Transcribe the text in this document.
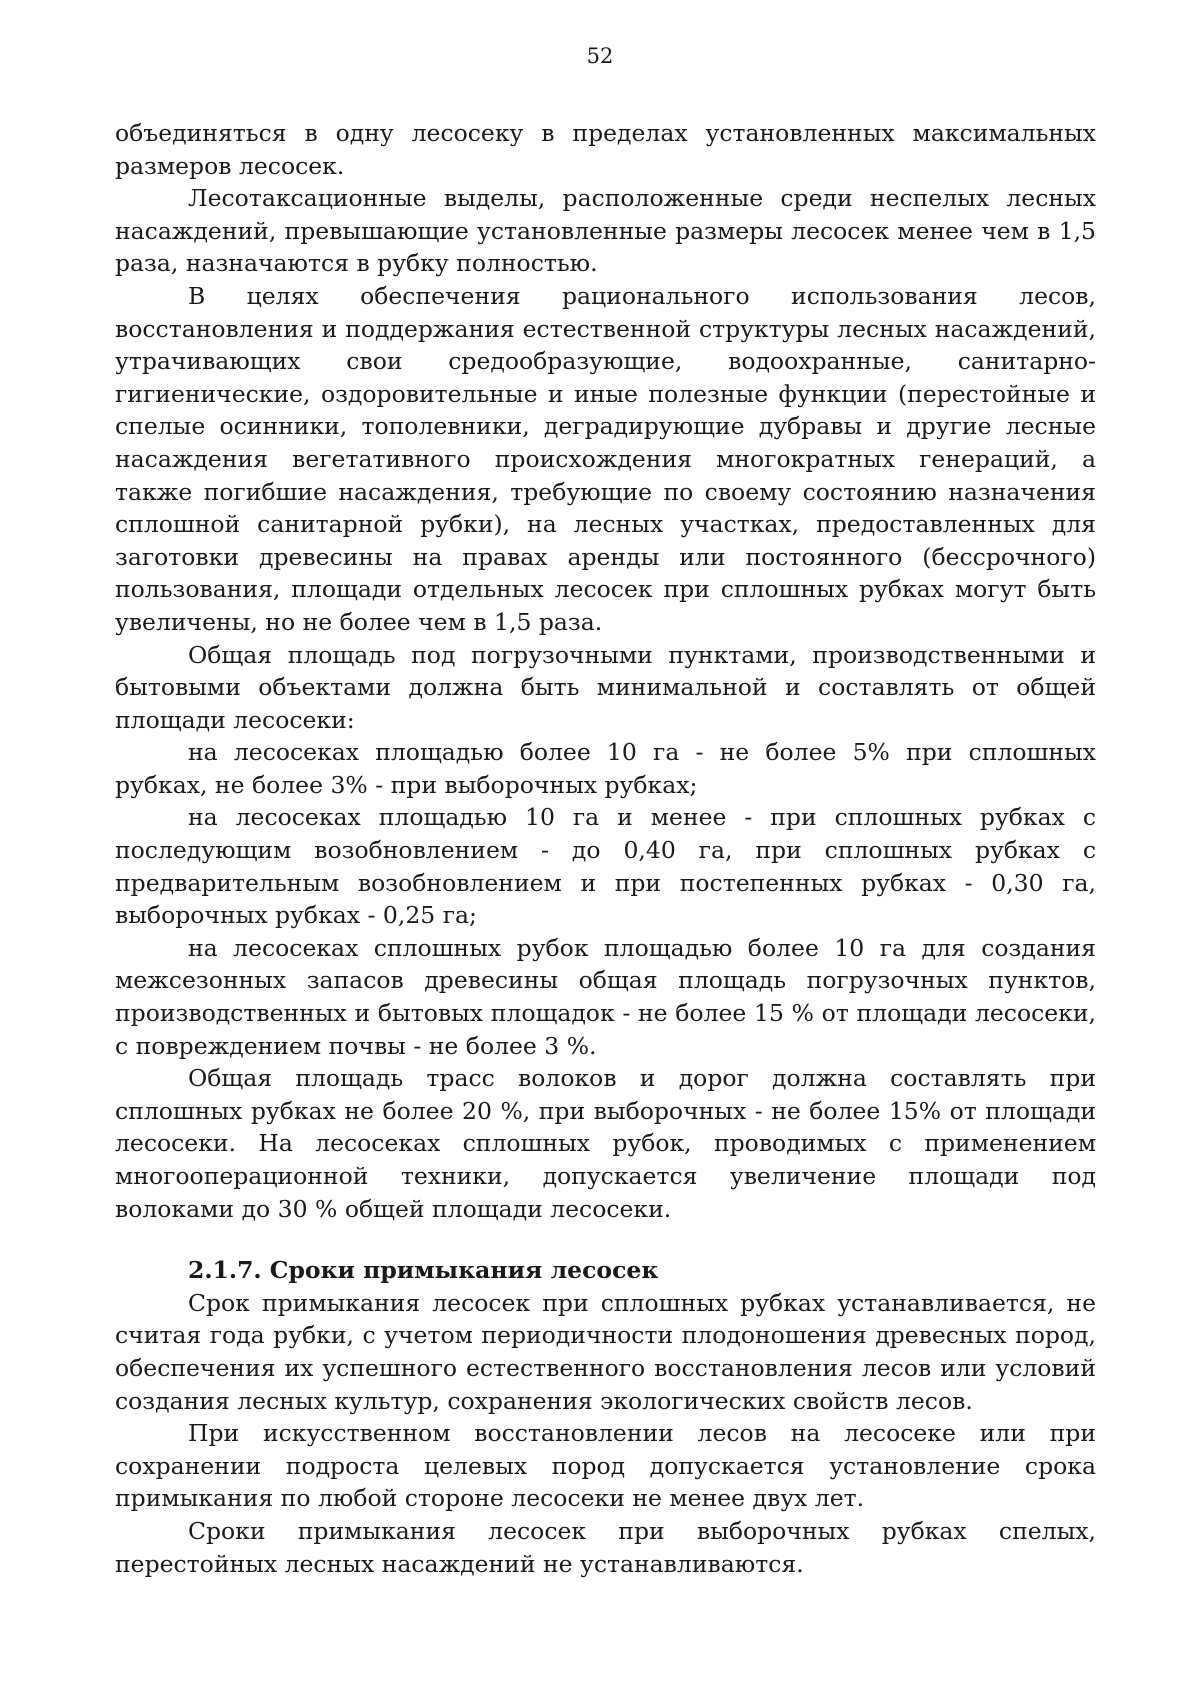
52

объединяться в одну лесосеку в пределах установленных максимальных размеров лесосек.

Лесотаксационные выделы, расположенные среди неспелых лесных насаждений, превышающие установленные размеры лесосек менее чем в 1,5 раза, назначаются в рубку полностью.

В целях обеспечения рационального использования лесов, восстановления и поддержания естественной структуры лесных насаждений, утрачивающих свои средообразующие, водоохранные, санитарно-гигиенические, оздоровительные и иные полезные функции (перестойные и спелые осинники, тополевники, деградирующие дубравы и другие лесные насаждения вегетативного происхождения многократных генераций, а также погибшие насаждения, требующие по своему состоянию назначения сплошной санитарной рубки), на лесных участках, предоставленных для заготовки древесины на правах аренды или постоянного (бессрочного) пользования, площади отдельных лесосек при сплошных рубках могут быть увеличены, но не более чем в 1,5 раза.

Общая площадь под погрузочными пунктами, производственными и бытовыми объектами должна быть минимальной и составлять от общей площади лесосеки:

на лесосеках площадью более 10 га - не более 5% при сплошных рубках, не более 3% - при выборочных рубках;

на лесосеках площадью 10 га и менее - при сплошных рубках с последующим возобновлением - до 0,40 га, при сплошных рубках с предварительным возобновлением и при постепенных рубках - 0,30 га, выборочных рубках - 0,25 га;

на лесосеках сплошных рубок площадью более 10 га для создания межсезонных запасов древесины общая площадь погрузочных пунктов, производственных и бытовых площадок - не более 15 % от площади лесосеки, с повреждением почвы - не более 3 %.

Общая площадь трасс волоков и дорог должна составлять при сплошных рубках не более 20 %, при выборочных - не более 15% от площади лесосеки. На лесосеках сплошных рубок, проводимых с применением многооперационной техники, допускается увеличение площади под волоками до 30 % общей площади лесосеки.

2.1.7. Сроки примыкания лесосек

Срок примыкания лесосек при сплошных рубках устанавливается, не считая года рубки, с учетом периодичности плодоношения древесных пород, обеспечения их успешного естественного восстановления лесов или условий создания лесных культур, сохранения экологических свойств лесов.

При искусственном восстановлении лесов на лесосеке или при сохранении подроста целевых пород допускается установление срока примыкания по любой стороне лесосеки не менее двух лет.

Сроки примыкания лесосек при выборочных рубках спелых, перестойных лесных насаждений не устанавливаются.
